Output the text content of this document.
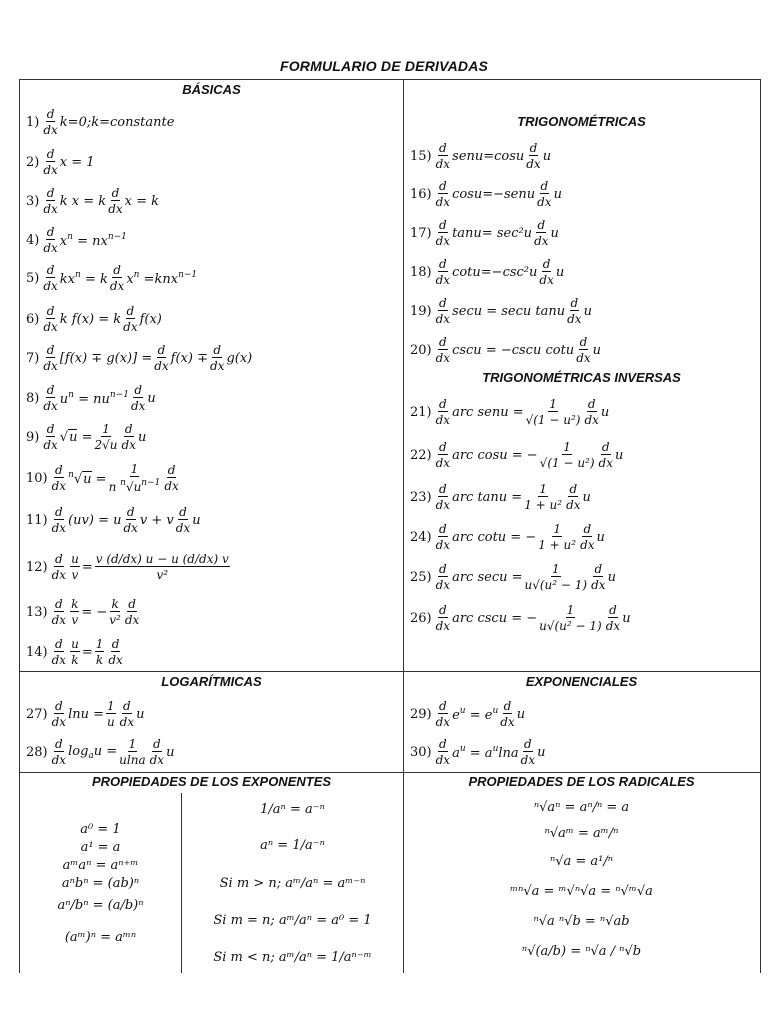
FORMULARIO DE DERIVADAS
BÁSICAS
TRIGONOMÉTRICAS
TRIGONOMÉTRICAS INVERSAS
LOGARÍTMICAS	EXPONENCIALES
PROPIEDADES DE LOS EXPONENTES	PROPIEDADES DE LOS RADICALES
$1) \frac{d}{dx}$ k=0;k=constante
$2) \frac{d}{dx}$ x = 1
$3) \frac{d}{dx}$ k x = k $\frac{d}{dx}$ x = k
$4) \frac{d}{dx} x^n = nx^{n-1}$
$5) \frac{d}{dx} kx^n = k \frac{d}{dx} x^n =knx^{n-1}$
$6) \frac{d}{dx}$ k f(x) = k $\frac{d}{dx} f(x)$
$7) \frac{d}{dx} [f(x) \mp g(x)] = \frac{d}{dx} f(x) \mp \frac{d}{dx} g(x)$
$8) \frac{d}{dx} u^n = nu^{n-1} \frac{d}{dx}$ u
$9) \frac{d}{dx} √u = \frac{1}{2√u} \frac{d}{dx}$ u
$10) \frac{d}{dx} ^n√u = \frac{1}{n ^n√u^{n-1}} \frac{d}{dx}$
$11) \frac{d}{dx} (uv) = u \frac{d}{dx}$ v + v $\frac{d}{dx}$ u
$12) \frac{d}{dx} \frac{u}{v} = \frac{v (d/dx) u - u (d/dx) v}{\text{v²}}$
$13) \frac{d}{dx} \frac{k}{v}$ = − $\frac{k}{\text{v²}} \frac{d}{dx}$
$14) \frac{d}{dx} \frac{u}{k} = \frac{1}{k} \frac{d}{dx}$
$15) \frac{d}{dx}$ senu=cosu $\frac{d}{dx}$ u
$16) \frac{d}{dx}$ cosu=−senu $\frac{d}{dx}$ u
$17) \frac{d}{dx} \tan u= \sec^2u \frac{d}{dx}$ u
$18) \frac{d}{dx} \cot u=-\csc^2u \frac{d}{dx}$ u
$19) \frac{d}{dx}$ secu = secu tanu $\frac{d}{dx}$ u
$20) \frac{d}{dx}$ cscu = −cscu cotu $\frac{d}{dx}$ u
$21) \frac{d}{dx}$ arc senu = $\frac{1}{\text{√(1 − u²)}} \frac{d}{dx}$ u
$22) \frac{d}{dx}$ arc cosu = − $\frac{1}{\text{√(1 − u²)}} \frac{d}{dx}$ u
$23) \frac{d}{dx}$ arc $\tan u = \frac{1}{\text{1 + u²}} \frac{d}{dx}$ u
$24) \frac{d}{dx}$ arc cotu = − $\frac{1}{\text{1 + u²}} \frac{d}{dx}$ u
$25) \frac{d}{dx}$ arc $\sec u = \frac{1}{\text{u√(u² − 1)}} \frac{d}{dx}$ u
$26) \frac{d}{dx}$ arc cscu = − $\frac{1}{\text{u√(u² − 1)}} \frac{d}{dx}$ u
$27) \frac{d}{dx}$ $\ln u = \frac{1}{u} \frac{d}{dx}$ u
$28) \frac{d}{dx} \log_au = \frac{1}{ulna} \frac{d}{dx}$ u
$29) \frac{d}{dx} e^u = e^u \frac{d}{dx}$ u
$30) \frac{d}{dx} a^u = a^u\ln a \frac{d}{dx}$ u
a⁰ = 1
a¹ = a
aᵐaⁿ = aⁿ⁺ᵐ
aⁿbⁿ = (ab)ⁿ
aⁿ/bⁿ = (a/b)ⁿ
(aᵐ)ⁿ = aᵐⁿ
1/aⁿ = a⁻ⁿ
aⁿ = 1/a⁻ⁿ
Si m > n; aᵐ/aⁿ = aᵐ⁻ⁿ
Si m = n; aᵐ/aⁿ = a⁰ = 1
Si m < n; aᵐ/aⁿ = 1/aⁿ⁻ᵐ
ⁿ√aⁿ = aⁿ/ⁿ = a
ⁿ√aᵐ = aᵐ/ⁿ
ⁿ√a = a¹/ⁿ
ᵐⁿ√a = ᵐ√ⁿ√a = ⁿ√ᵐ√a
ⁿ√a ⁿ√b = ⁿ√ab
ⁿ√(a/b) = ⁿ√a / ⁿ√b
